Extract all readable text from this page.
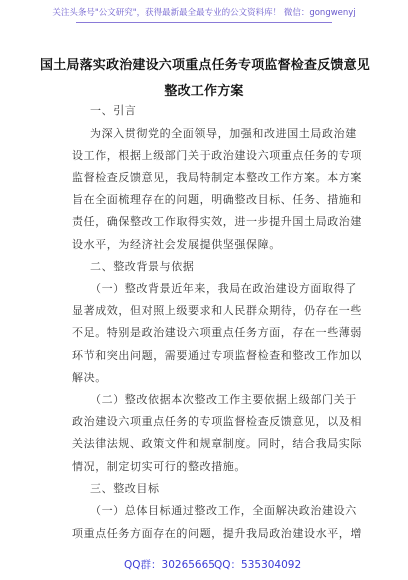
关注头条号"公文研究"，获得最新最全最专业的公文资料库！ 微信：gongwenyj
国土局落实政治建设六项重点任务专项监督检查反馈意见
整改工作方案
一、引言
为深入贯彻党的全面领导，加强和改进国土局政治建
设工作，根据上级部门关于政治建设六项重点任务的专项
监督检查反馈意见，我局特制定本整改工作方案。本方案
旨在全面梳理存在的问题，明确整改目标、任务、措施和
责任，确保整改工作取得实效，进一步提升国土局政治建
设水平，为经济社会发展提供坚强保障。
二、整改背景与依据
（一）整改背景近年来，我局在政治建设方面取得了
显著成效，但对照上级要求和人民群众期待，仍存在一些
不足。特别是政治建设六项重点任务方面，存在一些薄弱
环节和突出问题，需要通过专项监督检查和整改工作加以
解决。
（二）整改依据本次整改工作主要依据上级部门关于
政治建设六项重点任务的专项监督检查反馈意见，以及相
关法律法规、政策文件和规章制度。同时，结合我局实际
情况，制定切实可行的整改措施。
三、整改目标
（一）总体目标通过整改工作，全面解决政治建设六
项重点任务方面存在的问题，提升我局政治建设水平，增
QQ群：30265665 QQ：535304092
